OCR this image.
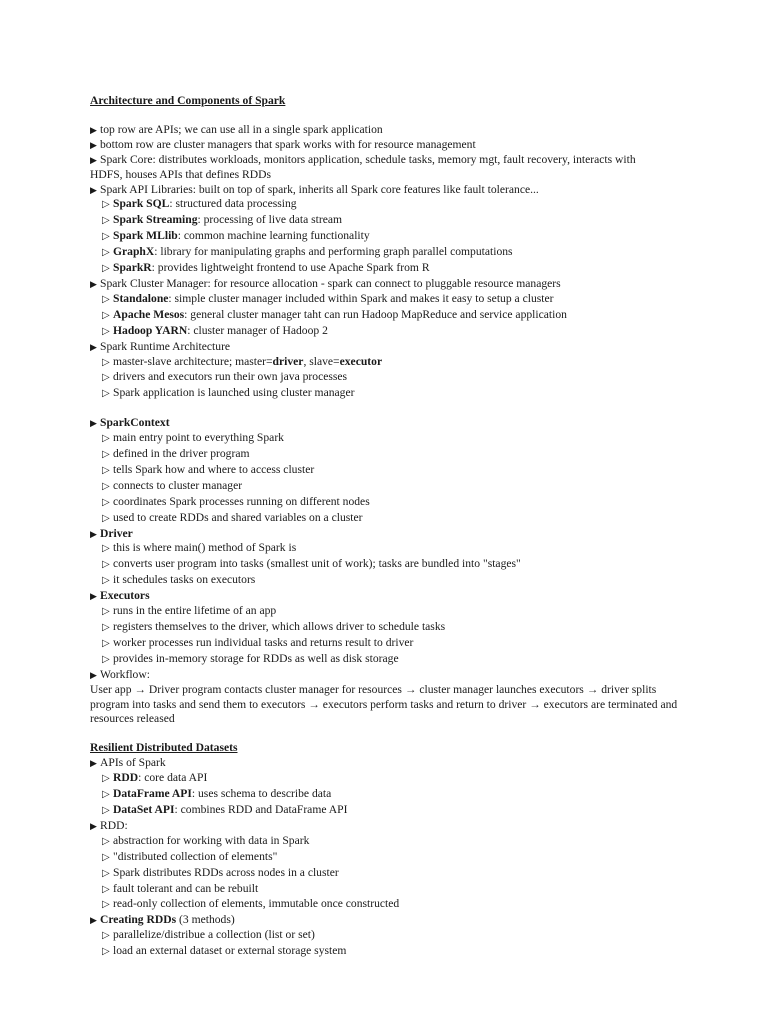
Architecture and Components of Spark
▶ top row are APIs; we can use all in a single spark application
▶ bottom row are cluster managers that spark works with for resource management
▶ Spark Core: distributes workloads, monitors application, schedule tasks, memory mgt, fault recovery, interacts with HDFS, houses APIs that defines RDDs
▶ Spark API Libraries: built on top of spark, inherits all Spark core features like fault tolerance...
▷ Spark SQL: structured data processing
▷ Spark Streaming: processing of live data stream
▷ Spark MLlib: common machine learning functionality
▷ GraphX: library for manipulating graphs and performing graph parallel computations
▷ SparkR: provides lightweight frontend to use Apache Spark from R
▶ Spark Cluster Manager: for resource allocation - spark can connect to pluggable resource managers
▷ Standalone: simple cluster manager included within Spark and makes it easy to setup a cluster
▷ Apache Mesos: general cluster manager taht can run Hadoop MapReduce and service application
▷ Hadoop YARN: cluster manager of Hadoop 2
▶ Spark Runtime Architecture
▷ master-slave architecture; master=driver, slave=executor
▷ drivers and executors run their own java processes
▷ Spark application is launched using cluster manager
▶ SparkContext
▷ main entry point to everything Spark
▷ defined in the driver program
▷ tells Spark how and where to access cluster
▷ connects to cluster manager
▷ coordinates Spark processes running on different nodes
▷ used to create RDDs and shared variables on a cluster
▶ Driver
▷ this is where main() method of Spark is
▷ converts user program into tasks (smallest unit of work); tasks are bundled into "stages"
▷ it schedules tasks on executors
▶ Executors
▷ runs in the entire lifetime of an app
▷ registers themselves to the driver, which allows driver to schedule tasks
▷ worker processes run individual tasks and returns result to driver
▷ provides in-memory storage for RDDs as well as disk storage
▶ Workflow:
User app → Driver program contacts cluster manager for resources → cluster manager launches executors → driver splits program into tasks and send them to executors → executors perform tasks and return to driver → executors are terminated and resources released
Resilient Distributed Datasets
▶ APIs of Spark
▷ RDD: core data API
▷ DataFrame API: uses schema to describe data
▷ DataSet API: combines RDD and DataFrame API
▶ RDD:
▷ abstraction for working with data in Spark
▷ "distributed collection of elements"
▷ Spark distributes RDDs across nodes in a cluster
▷ fault tolerant and can be rebuilt
▷ read-only collection of elements, immutable once constructed
▶ Creating RDDs (3 methods)
▷ parallelize/distribue a collection (list or set)
▷ load an external dataset or external storage system
